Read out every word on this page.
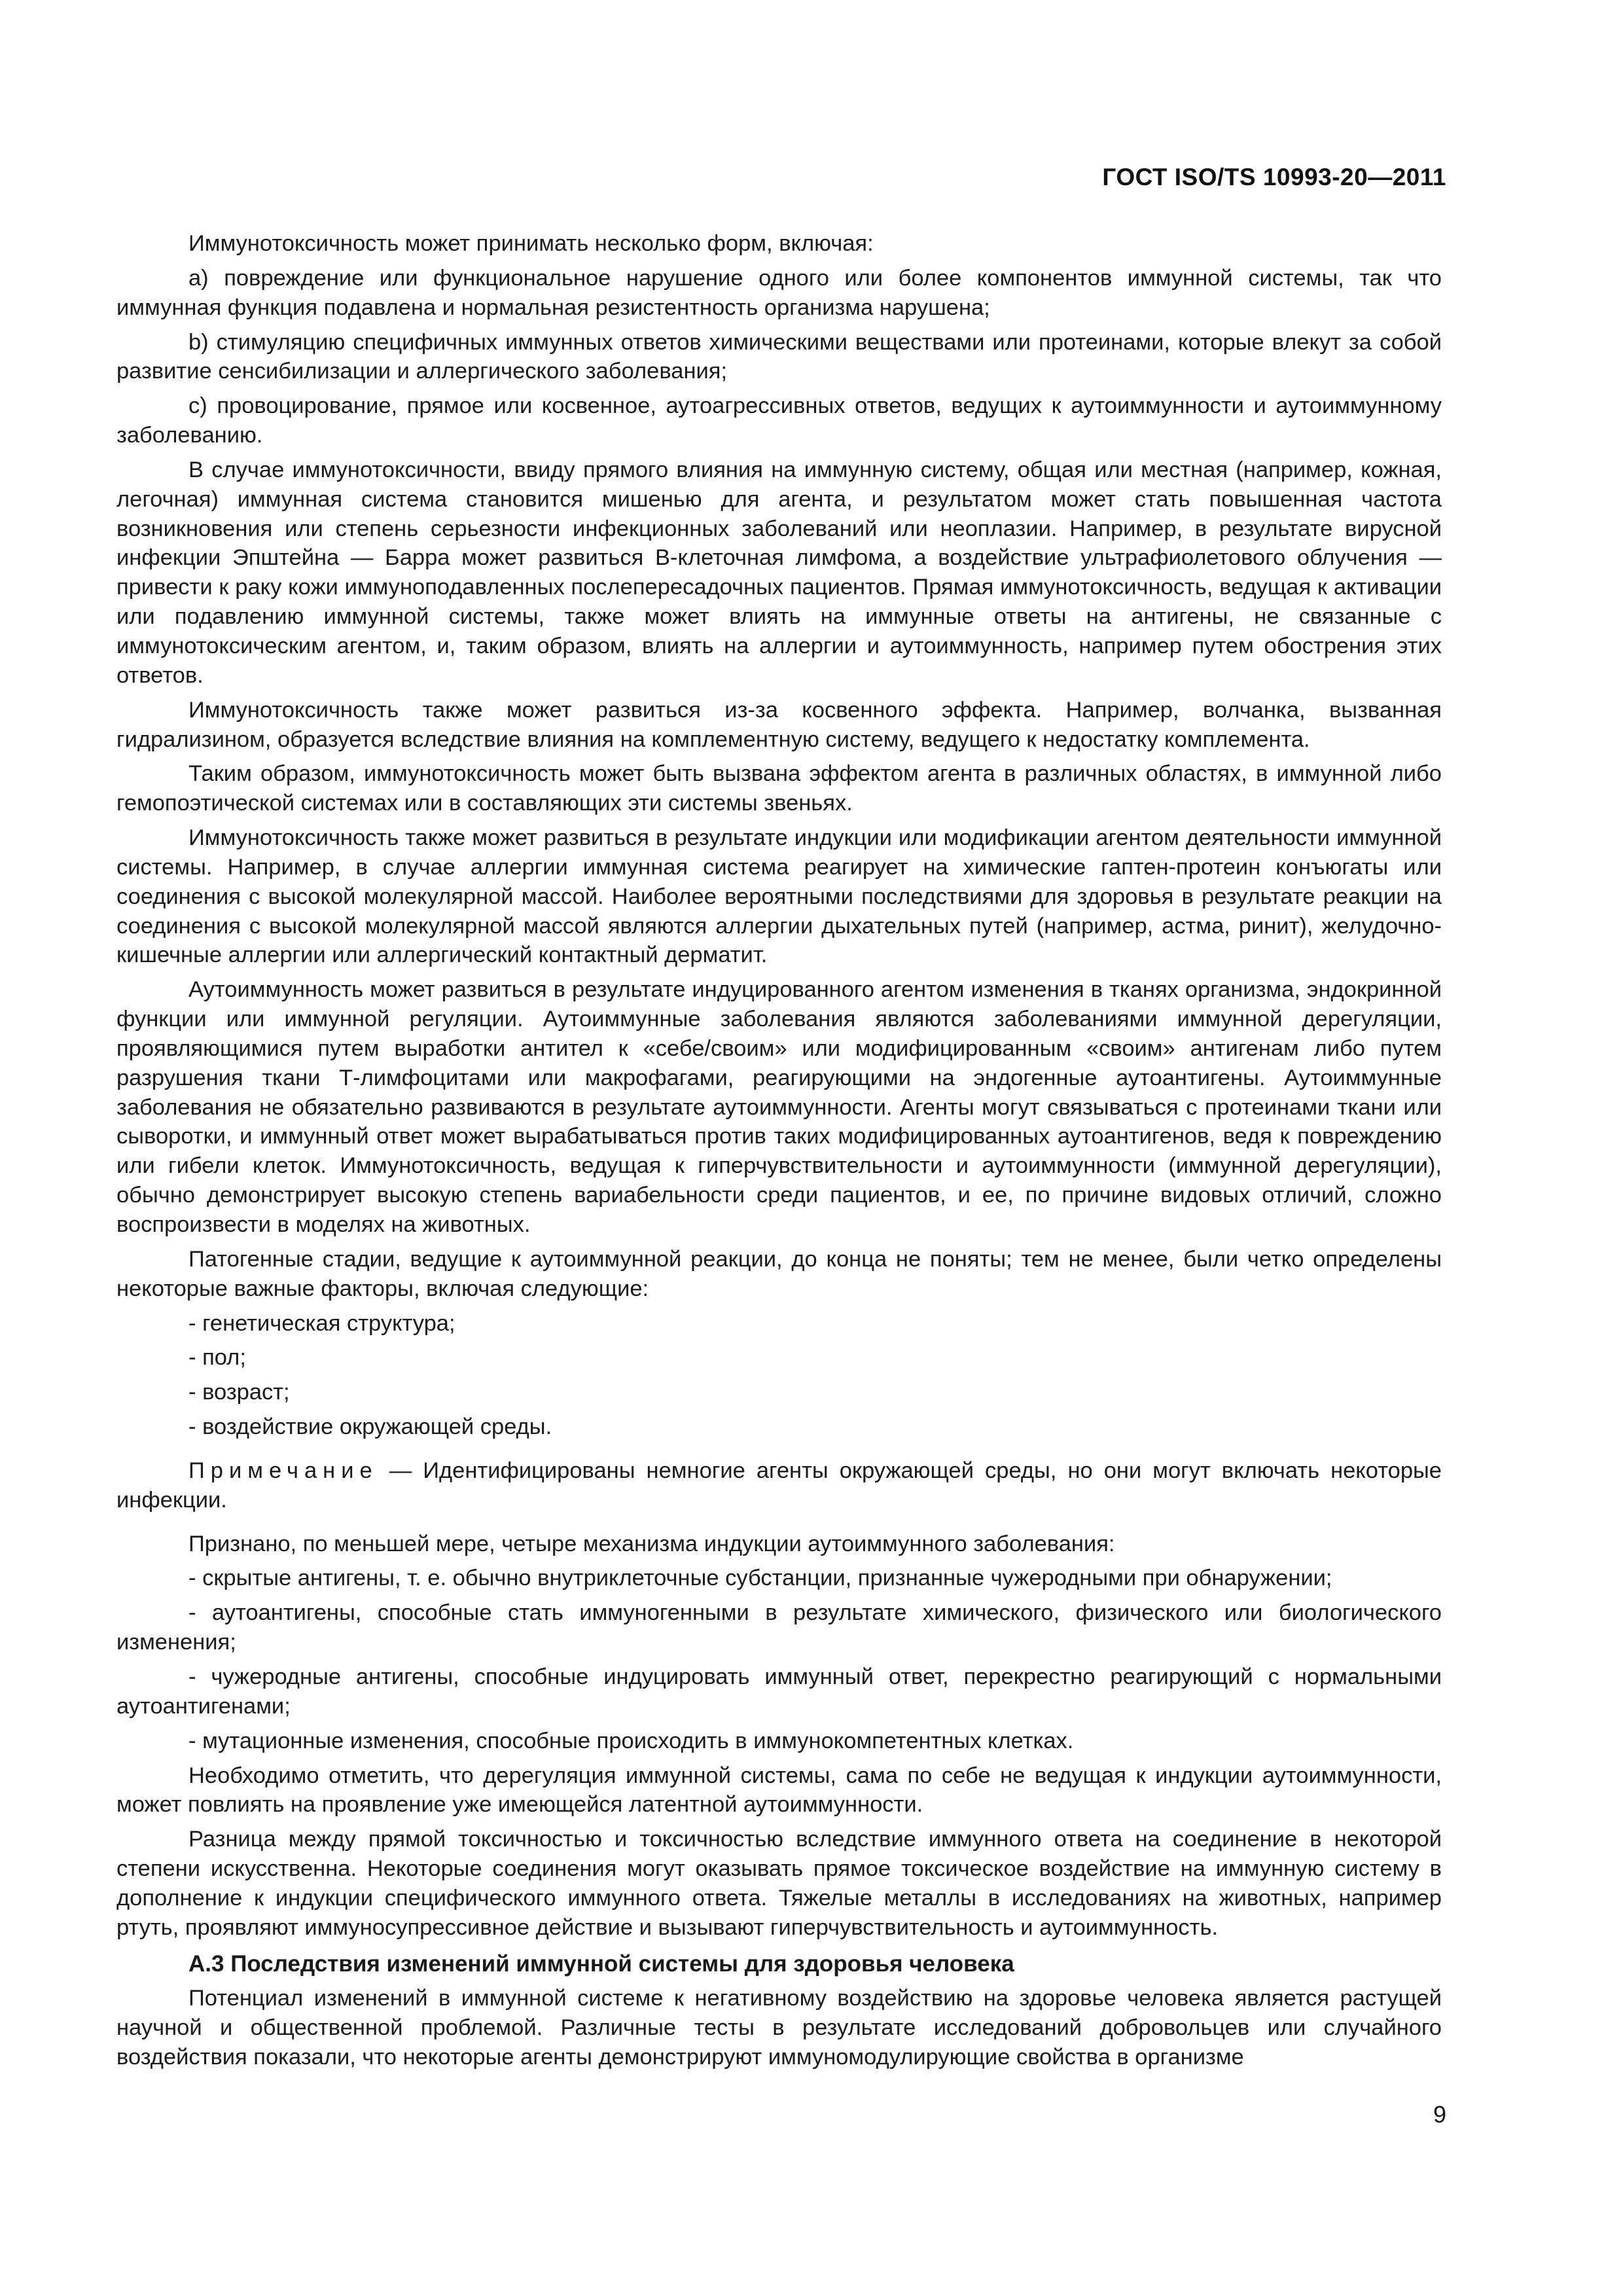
ГОСТ ISO/TS 10993-20—2011

Иммунотоксичность может принимать несколько форм, включая:

a) повреждение или функциональное нарушение одного или более компонентов иммунной системы, так что иммунная функция подавлена и нормальная резистентность организма нарушена;

b) стимуляцию специфичных иммунных ответов химическими веществами или протеинами, которые влекут за собой развитие сенсибилизации и аллергического заболевания;

c) провоцирование, прямое или косвенное, аутоагрессивных ответов, ведущих к аутоиммунности и аутоиммунному заболеванию.

В случае иммунотоксичности, ввиду прямого влияния на иммунную систему, общая или местная (например, кожная, легочная) иммунная система становится мишенью для агента, и результатом может стать повышенная частота возникновения или степень серьезности инфекционных заболеваний или неоплазии. Например, в результате вирусной инфекции Эпштейна — Барра может развиться В-клеточная лимфома, а воздействие ультрафиолетового облучения — привести к раку кожи иммуноподавленных послепересадочных пациентов. Прямая иммунотоксичность, ведущая к активации или подавлению иммунной системы, также может влиять на иммунные ответы на антигены, не связанные с иммунотоксическим агентом, и, таким образом, влиять на аллергии и аутоиммунность, например путем обострения этих ответов.

Иммунотоксичность также может развиться из-за косвенного эффекта. Например, волчанка, вызванная гидрализином, образуется вследствие влияния на комплементную систему, ведущего к недостатку комплемента.

Таким образом, иммунотоксичность может быть вызвана эффектом агента в различных областях, в иммунной либо гемопоэтической системах или в составляющих эти системы звеньях.

Иммунотоксичность также может развиться в результате индукции или модификации агентом деятельности иммунной системы. Например, в случае аллергии иммунная система реагирует на химические гаптен-протеин конъюгаты или соединения с высокой молекулярной массой. Наиболее вероятными последствиями для здоровья в результате реакции на соединения с высокой молекулярной массой являются аллергии дыхательных путей (например, астма, ринит), желудочно-кишечные аллергии или аллергический контактный дерматит.

Аутоиммунность может развиться в результате индуцированного агентом изменения в тканях организма, эндокринной функции или иммунной регуляции. Аутоиммунные заболевания являются заболеваниями иммунной дерегуляции, проявляющимися путем выработки антител к «себе/своим» или модифицированным «своим» антигенам либо путем разрушения ткани Т-лимфоцитами или макрофагами, реагирующими на эндогенные аутоантигены. Аутоиммунные заболевания не обязательно развиваются в результате аутоиммунности. Агенты могут связываться с протеинами ткани или сыворотки, и иммунный ответ может вырабатываться против таких модифицированных аутоантигенов, ведя к повреждению или гибели клеток. Иммунотоксичность, ведущая к гиперчувствительности и аутоиммунности (иммунной дерегуляции), обычно демонстрирует высокую степень вариабельности среди пациентов, и ее, по причине видовых отличий, сложно воспроизвести в моделях на животных.

Патогенные стадии, ведущие к аутоиммунной реакции, до конца не поняты; тем не менее, были четко определены некоторые важные факторы, включая следующие:

- генетическая структура;

- пол;

- возраст;

- воздействие окружающей среды.

Примечание — Идентифицированы немногие агенты окружающей среды, но они могут включать некоторые инфекции.

Признано, по меньшей мере, четыре механизма индукции аутоиммунного заболевания:

- скрытые антигены, т. е. обычно внутриклеточные субстанции, признанные чужеродными при обнаружении;

- аутоантигены, способные стать иммуногенными в результате химического, физического или биологического изменения;

- чужеродные антигены, способные индуцировать иммунный ответ, перекрестно реагирующий с нормальными аутоантигенами;

- мутационные изменения, способные происходить в иммунокомпетентных клетках.

Необходимо отметить, что дерегуляция иммунной системы, сама по себе не ведущая к индукции аутоиммунности, может повлиять на проявление уже имеющейся латентной аутоиммунности.

Разница между прямой токсичностью и токсичностью вследствие иммунного ответа на соединение в некоторой степени искусственна. Некоторые соединения могут оказывать прямое токсическое воздействие на иммунную систему в дополнение к индукции специфического иммунного ответа. Тяжелые металлы в исследованиях на животных, например ртуть, проявляют иммуносупрессивное действие и вызывают гиперчувствительность и аутоиммунность.

А.3 Последствия изменений иммунной системы для здоровья человека

Потенциал изменений в иммунной системе к негативному воздействию на здоровье человека является растущей научной и общественной проблемой. Различные тесты в результате исследований добровольцев или случайного воздействия показали, что некоторые агенты демонстрируют иммуномодулирующие свойства в организме

9
